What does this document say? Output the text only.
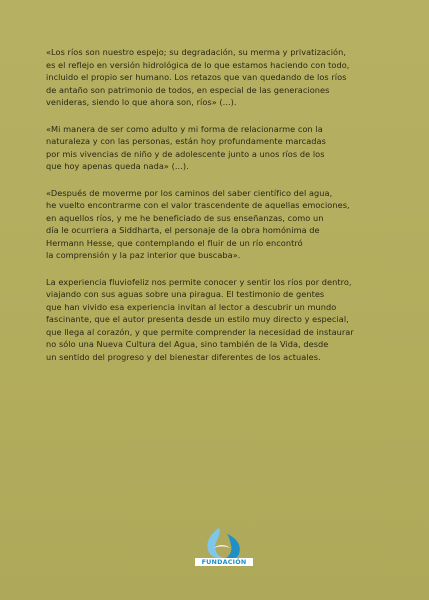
«Los ríos son nuestro espejo; su degradación, su merma y privatización,
es el reflejo en versión hidrológica de lo que estamos haciendo con todo,
incluido el propio ser humano. Los retazos que van quedando de los ríos
de antaño son patrimonio de todos, en especial de las generaciones
venideras, siendo lo que ahora son, ríos» (...).

«Mi manera de ser como adulto y mi forma de relacionarme con la
naturaleza y con las personas, están hoy profundamente marcadas
por mis vivencias de niño y de adolescente junto a unos ríos de los
que hoy apenas queda nada» (...).

«Después de moverme por los caminos del saber científico del agua,
he vuelto encontrarme con el valor trascendente de aquellas emociones,
en aquellos ríos, y me he beneficiado de sus enseñanzas, como un
día le ocurriera a Siddharta, el personaje de la obra homónima de
Hermann Hesse, que contemplando el fluir de un río encontró
la comprensión y la paz interior que buscaba».

La experiencia fluviofeliz nos permite conocer y sentir los ríos por dentro,
viajando con sus aguas sobre una piragua. El testimonio de gentes
que han vivido esa experiencia invitan al lector a descubrir un mundo
fascinante, que el autor presenta desde un estilo muy directo y especial,
que llega al corazón, y que permite comprender la necesidad de instaurar
no sólo una Nueva Cultura del Agua, sino también de la Vida, desde
un sentido del progreso y del bienestar diferentes de los actuales.

FUNDACIÓN
